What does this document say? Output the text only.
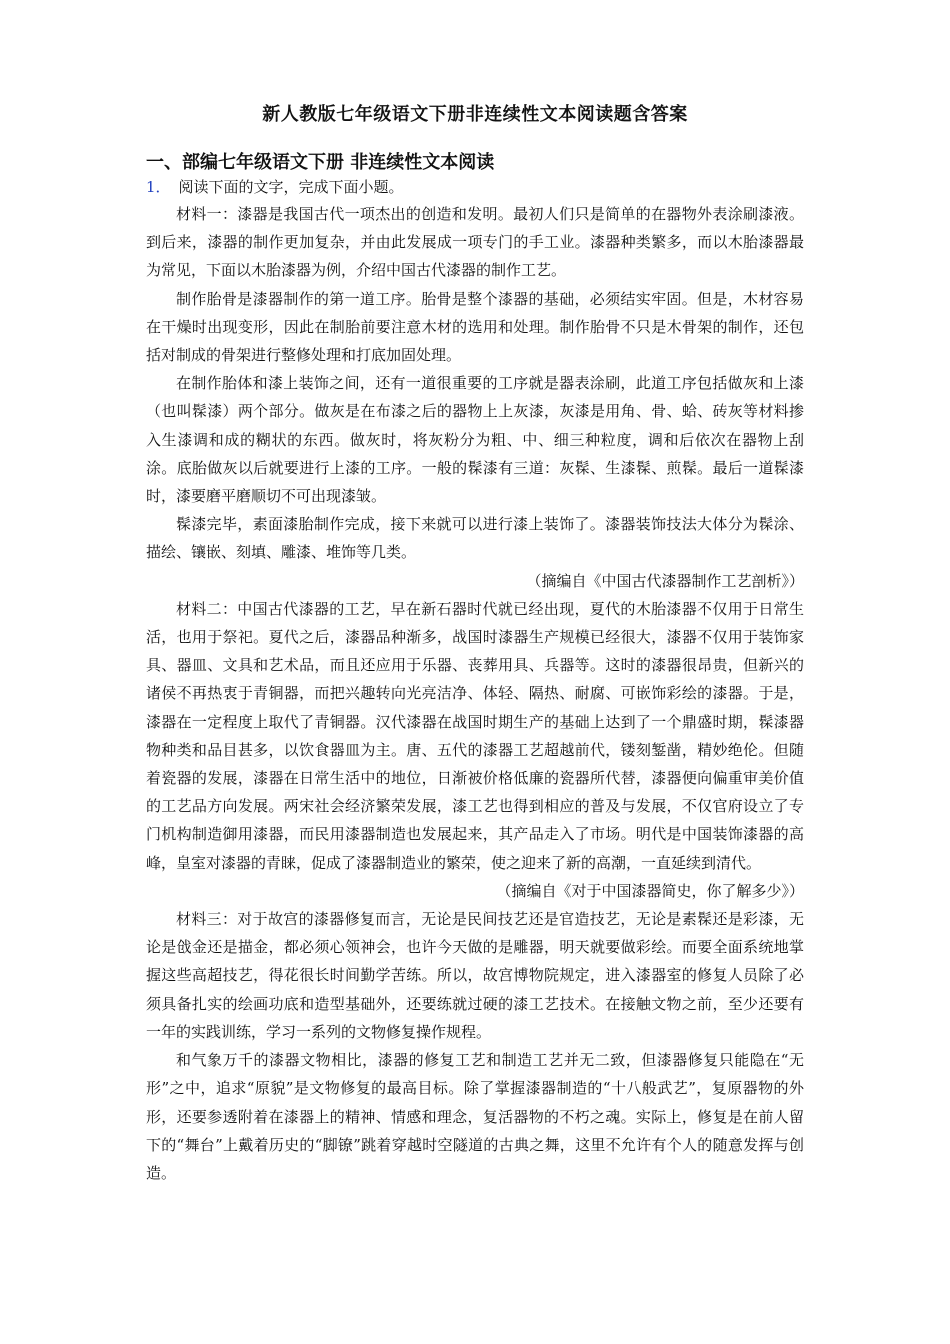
新人教版七年级语文下册非连续性文本阅读题含答案
一、部编七年级语文下册 非连续性文本阅读
1． 阅读下面的文字，完成下面小题。

材料一：漆器是我国古代一项杰出的创造和发明。最初人们只是简单的在器物外表涂刷漆液。到后来，漆器的制作更加复杂，并由此发展成一项专门的手工业。漆器种类繁多，而以木胎漆器最为常见，下面以木胎漆器为例，介绍中国古代漆器的制作工艺。

制作胎骨是漆器制作的第一道工序。胎骨是整个漆器的基础，必须结实牢固。但是，木材容易在干燥时出现变形，因此在制胎前要注意木材的选用和处理。制作胎骨不只是木骨架的制作，还包括对制成的骨架进行整修处理和打底加固处理。

在制作胎体和漆上装饰之间，还有一道很重要的工序就是器表涂刷，此道工序包括做灰和上漆（也叫髹漆）两个部分。做灰是在布漆之后的器物上上灰漆，灰漆是用角、骨、蛤、砖灰等材料掺入生漆调和成的糊状的东西。做灰时，将灰粉分为粗、中、细三种粒度，调和后依次在器物上刮涂。底胎做灰以后就要进行上漆的工序。一般的髹漆有三道：灰髹、生漆髹、煎髹。最后一道髹漆时，漆要磨平磨顺切不可出现漆皱。

髹漆完毕，素面漆胎制作完成，接下来就可以进行漆上装饰了。漆器装饰技法大体分为髹涂、描绘、镶嵌、刻填、雕漆、堆饰等几类。

（摘编自《中国古代漆器制作工艺剖析》）

材料二：中国古代漆器的工艺，早在新石器时代就已经出现，夏代的木胎漆器不仅用于日常生活，也用于祭祀。夏代之后，漆器品种渐多，战国时漆器生产规模已经很大，漆器不仅用于装饰家具、器皿、文具和艺术品，而且还应用于乐器、丧葬用具、兵器等。这时的漆器很昂贵，但新兴的诸侯不再热衷于青铜器，而把兴趣转向光亮洁净、体轻、隔热、耐腐、可嵌饰彩绘的漆器。于是，漆器在一定程度上取代了青铜器。汉代漆器在战国时期生产的基础上达到了一个鼎盛时期，髹漆器物种类和品目甚多，以饮食器皿为主。唐、五代的漆器工艺超越前代，镂刻錾凿，精妙绝伦。但随着瓷器的发展，漆器在日常生活中的地位，日渐被价格低廉的瓷器所代替，漆器便向偏重审美价值的工艺品方向发展。两宋社会经济繁荣发展，漆工艺也得到相应的普及与发展，不仅官府设立了专门机构制造御用漆器，而民用漆器制造也发展起来，其产品走入了市场。明代是中国装饰漆器的高峰，皇室对漆器的青睐，促成了漆器制造业的繁荣，使之迎来了新的高潮，一直延续到清代。

（摘编自《对于中国漆器简史，你了解多少》）

材料三：对于故宫的漆器修复而言，无论是民间技艺还是官造技艺，无论是素髹还是彩漆，无论是戗金还是描金，都必须心领神会，也许今天做的是雕器，明天就要做彩绘。而要全面系统地掌握这些高超技艺，得花很长时间勤学苦练。所以，故宫博物院规定，进入漆器室的修复人员除了必须具备扎实的绘画功底和造型基础外，还要练就过硬的漆工艺技术。在接触文物之前，至少还要有一年的实践训练，学习一系列的文物修复操作规程。

和气象万千的漆器文物相比，漆器的修复工艺和制造工艺并无二致，但漆器修复只能隐在“无形”之中，追求“原貌”是文物修复的最高目标。除了掌握漆器制造的“十八般武艺”，复原器物的外形，还要参透附着在漆器上的精神、情感和理念，复活器物的不朽之魂。实际上，修复是在前人留下的“舞台”上戴着历史的“脚镣”跳着穿越时空隧道的古典之舞，这里不允许有个人的随意发挥与创造。
